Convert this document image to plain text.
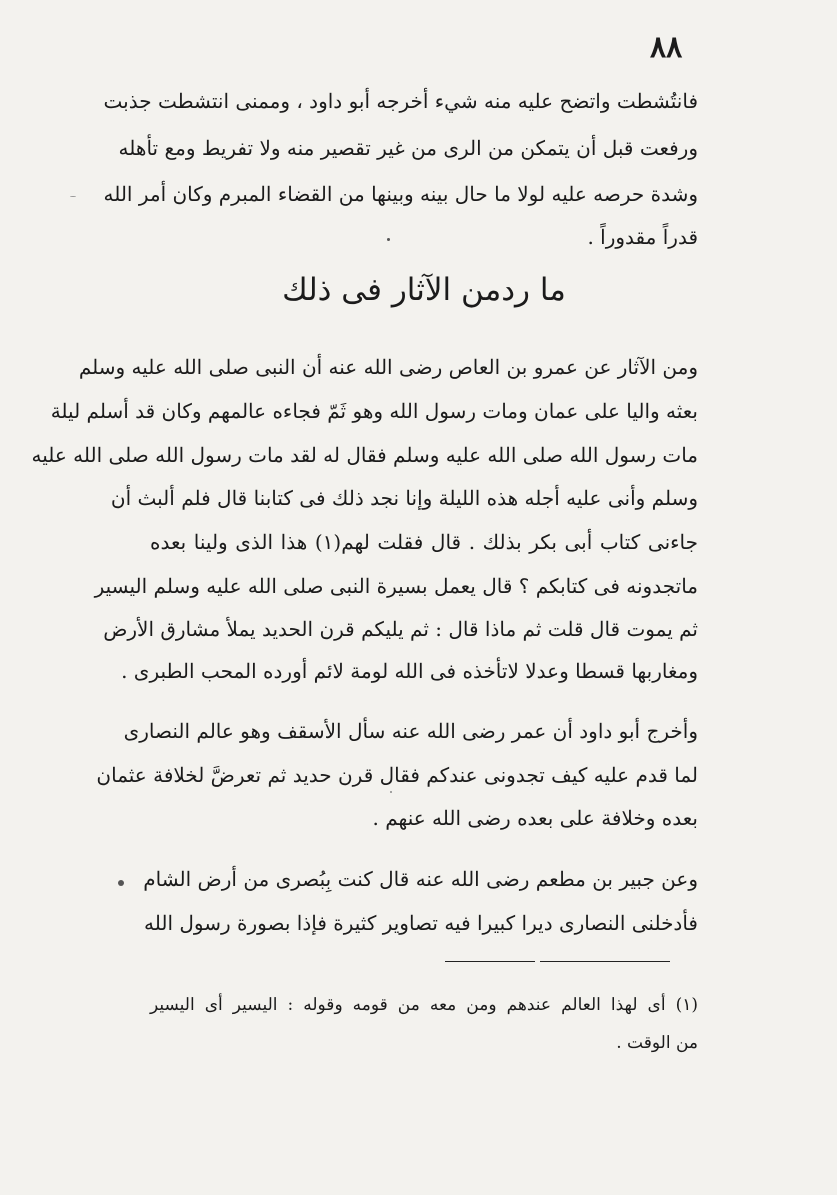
٨٨
فانتُشطت واتضح عليه منه شيء أخرجه أبو داود ، وممنى انتشطت جذبت
ورفعت قبل أن يتمكن من الرى من غير تقصير منه ولا تفريط ومع تأهله
وشدة حرصه عليه لولا ما حال بينه وبينها من القضاء المبرم وكان أمر الله
قدراً مقدوراً .
ما ردمن الآثار فى ذلك
ومن الآثار عن عمرو بن العاص رضى الله عنه أن النبى صلى الله عليه وسلم
بعثه واليا على عمان ومات رسول الله وهو ثَمّ فجاءه عالمهم وكان قد أسلم ليلة
مات رسول الله صلى الله عليه وسلم فقال له لقد مات رسول الله صلى الله عليه
وسلم وأنى عليه أجله هذه الليلة وإنا نجد ذلك فى كتابنا قال فلم ألبث أن
جاءنى كتاب أبى بكر بذلك . قال فقلت لهم(١) هذا الذى ولينا بعده
ماتجدونه فى كتابكم ؟ قال يعمل بسيرة النبى صلى الله عليه وسلم اليسير
ثم يموت قال قلت ثم ماذا قال : ثم يليكم قرن الحديد يملأ مشارق الأرض
ومغاربها قسطا وعدلا لاتأخذه فى الله لومة لائم أورده المحب الطبرى .
وأخرج أبو داود أن عمر رضى الله عنه سأل الأسقف وهو عالم النصارى
لما قدم عليه كيف تجدونى عندكم فقال قرن حديد ثم تعرضَّ لخلافة عثمان
بعده وخلافة على بعده رضى الله عنهم .
وعن جبير بن مطعم رضى الله عنه قال كنت بِبُصرى من أرض الشام
فأدخلنى النصارى ديرا كبيرا فيه تصاوير كثيرة فإذا بصورة رسول الله
(١) أى لهذا العالم عندهم ومن معه من قومه وقوله : اليسير أى اليسير
من الوقت .
